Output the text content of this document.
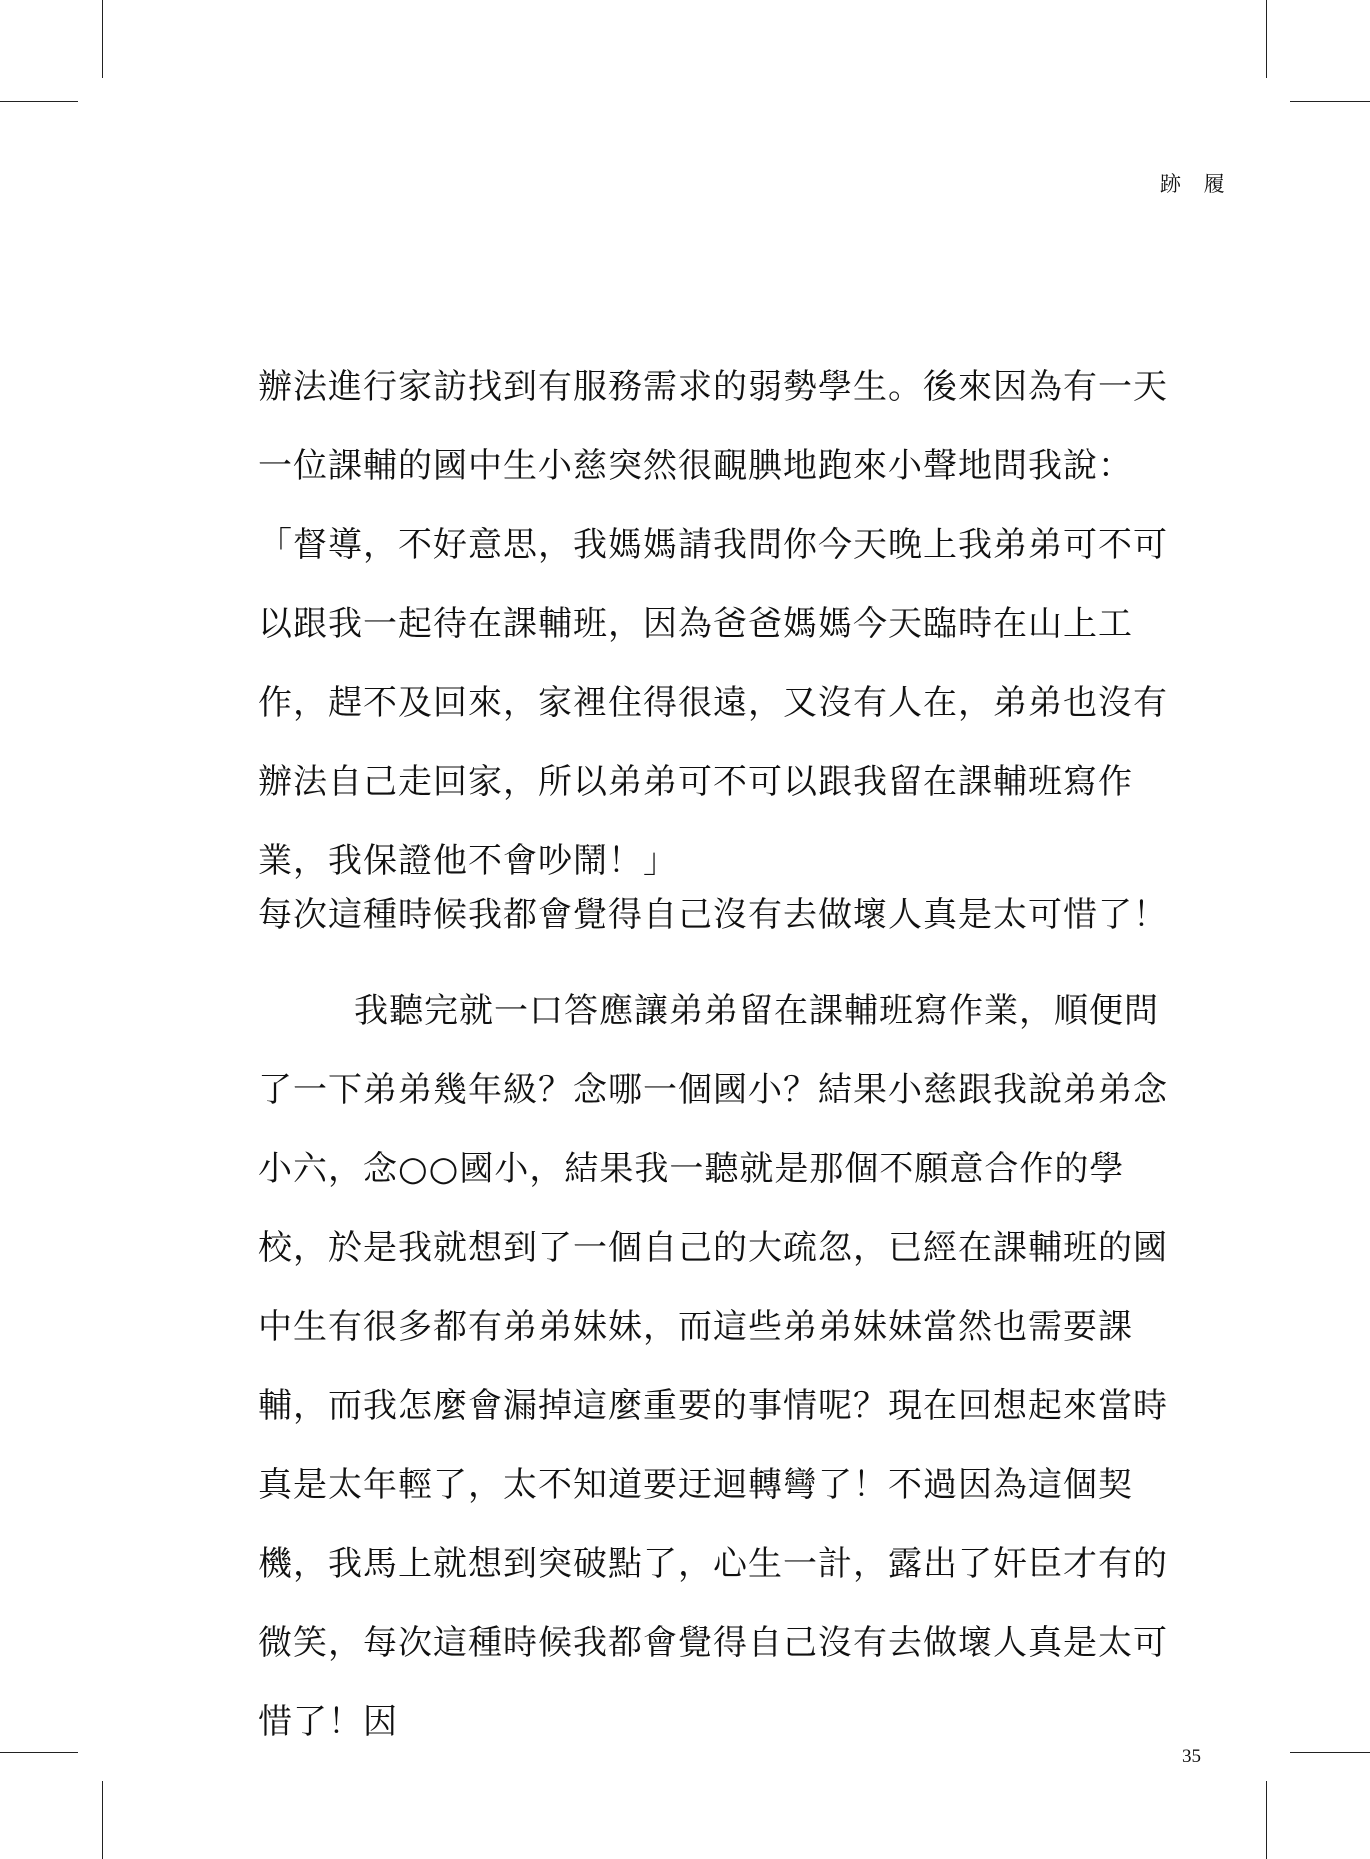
跡 履
辦法進行家訪找到有服務需求的弱勢學生。後來因為有一天
一位課輔的國中生小慈突然很靦腆地跑來小聲地問我說：
「督導，不好意思，我媽媽請我問你今天晚上我弟弟可不可
以跟我一起待在課輔班，因為爸爸媽媽今天臨時在山上工
作，趕不及回來，家裡住得很遠，又沒有人在，弟弟也沒有
辦法自己走回家，所以弟弟可不可以跟我留在課輔班寫作
業，我保證他不會吵鬧！」
每次這種時候我都會覺得自己沒有去做壞人真是太可惜了！
我聽完就一口答應讓弟弟留在課輔班寫作業，順便問
了一下弟弟幾年級？念哪一個國小？結果小慈跟我說弟弟念
小六，念○○國小，結果我一聽就是那個不願意合作的學
校，於是我就想到了一個自己的大疏忽，已經在課輔班的國
中生有很多都有弟弟妹妹，而這些弟弟妹妹當然也需要課
輔，而我怎麼會漏掉這麼重要的事情呢？現在回想起來當時
真是太年輕了，太不知道要迂迴轉彎了！不過因為這個契
機，我馬上就想到突破點了，心生一計，露出了奸臣才有的
微笑，每次這種時候我都會覺得自己沒有去做壞人真是太可
惜了！因
35
